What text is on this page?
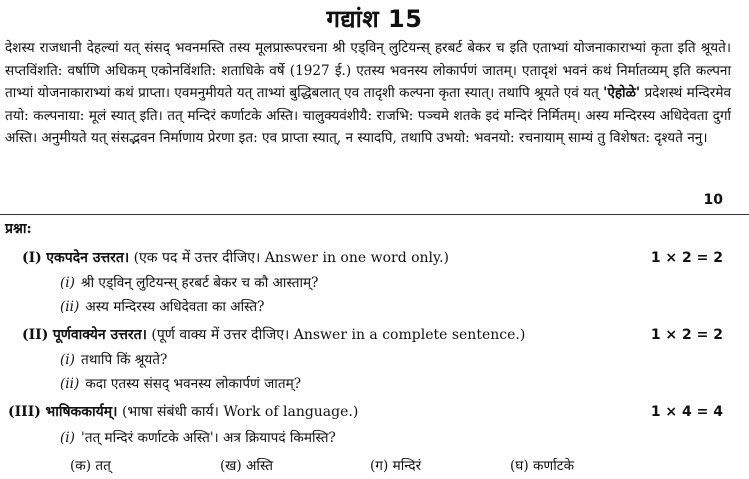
गद्यांश 15
देशस्य राजधानी देहल्यां यत् संसद् भवनमस्ति तस्य मूलप्रारूपरचना श्री एड्विन् लुटियन्स् हरबर्ट बेकर च इति एताभ्यां योजनाकाराभ्यां कृता इति श्रूयते। सप्तविंशति: वर्षाणि अधिकम् एकोनविंशति: शताधिके वर्षे (1927 ई.) एतस्य भवनस्य लोकार्पणं जातम्। एतादृशं भवनं कथं निर्मातव्यम् इति कल्पना ताभ्यां योजनाकाराभ्यां कथं प्राप्ता। एवमनुमीयते यत् ताभ्यां बुद्धिबलात् एव तादृशी कल्पना कृता स्यात्। तथापि श्रूयते एवं यत् 'ऐहोळे' प्रदेशस्थं मन्दिरमेव तयो: कल्पनाया: मूलं स्यात् इति। तत् मन्दिरं कर्णाटके अस्ति। चालुक्यवंशीयै: राजभि: पञ्चमे शतके इदं मन्दिरं निर्मितम्। अस्य मन्दिरस्य अधिदेवता दुर्गा अस्ति। अनुमीयते यत् संसद्भवन निर्माणाय प्रेरणा इत: एव प्राप्ता स्यात्, न स्यादपि, तथापि उभयो: भवनयो: रचनायाम् साम्यं तु विशेषत: दृश्यते ननु।
10
प्रश्ना:
(I) एकपदेन उत्तरत। (एक पद में उत्तर दीजिए। Answer in one word only.)	1 × 2 = 2
(i) श्री एड्विन् लुटियन्स् हरबर्ट बेकर च कौ आस्ताम्?
(ii) अस्य मन्दिरस्य अधिदेवता का अस्ति?
(II) पूर्णवाक्येन उत्तरत। (पूर्ण वाक्य में उत्तर दीजिए। Answer in a complete sentence.)	1 × 2 = 2
(i) तथापि किं श्रूयते?
(ii) कदा एतस्य संसद् भवनस्य लोकार्पणं जातम्?
(III) भाषिककार्यम्। (भाषा संबंधी कार्य। Work of language.)	1 × 4 = 4
(i) 'तत् मन्दिरं कर्णाटके अस्ति'। अत्र क्रियापदं किमस्ति?
(क) तत्	(ख) अस्ति	(ग) मन्दिरं	(घ) कर्णाटके
